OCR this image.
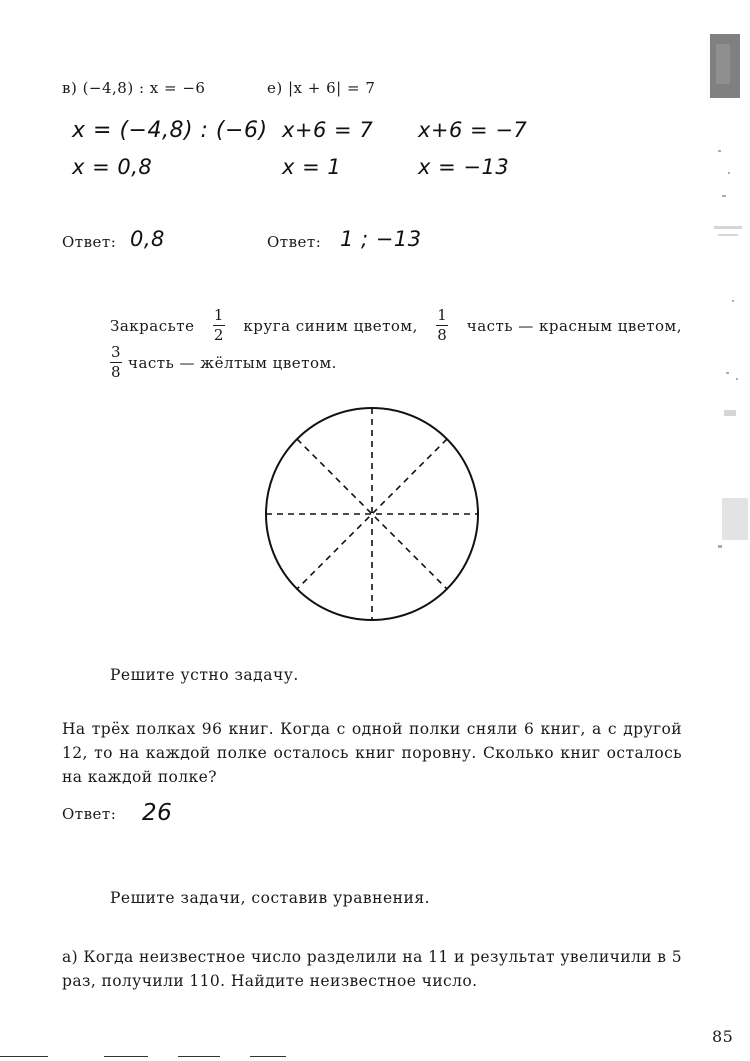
в) (−4,8) : x = −6	е) |x + 6| = 7
x = (−4,8) : (−6)
x = 0,8
x+6 = 7
x = 1
x+6 = −7
x = −13
Ответ: 0,8	Ответ: 1 ; −13
Закрасьте $\frac{1}{2}$ круга синим цветом, $\frac{1}{8}$ часть — красным цветом,
$\frac{3}{8}$ часть — жёлтым цветом.
Решите устно задачу.
На трёх полках 96 книг. Когда с одной полки сняли 6 книг, а с другой 12, то на каждой полке осталось книг поровну. Сколько книг осталось на каждой полке?
Ответ: 26
Решите задачи, составив уравнения.
а) Когда неизвестное число разделили на 11 и результат увеличили в 5 раз, получили 110. Найдите неизвестное число.
85
